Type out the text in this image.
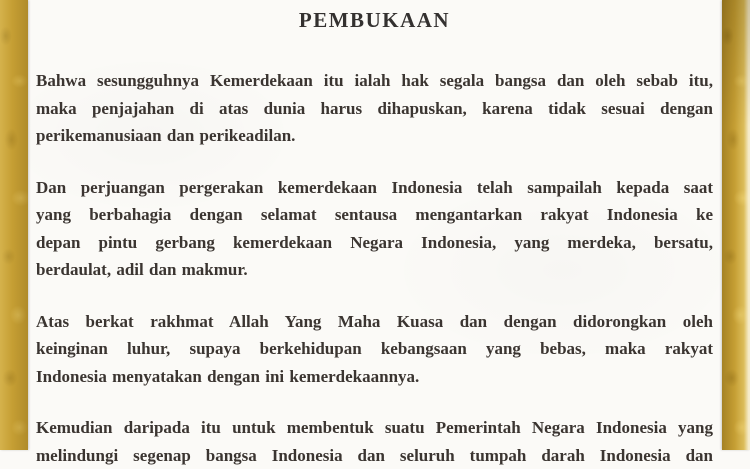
PEMBUKAAN

Bahwa sesungguhnya Kemerdekaan itu ialah hak segala bangsa dan oleh sebab itu,
maka penjajahan di atas dunia harus dihapuskan, karena tidak sesuai dengan
perikemanusiaan dan perikeadilan.

Dan perjuangan pergerakan kemerdekaan Indonesia telah sampailah kepada saat
yang berbahagia dengan selamat sentausa mengantarkan rakyat Indonesia ke
depan pintu gerbang kemerdekaan Negara Indonesia, yang merdeka, bersatu,
berdaulat, adil dan makmur.

Atas berkat rakhmat Allah Yang Maha Kuasa dan dengan didorongkan oleh
keinginan luhur, supaya berkehidupan kebangsaan yang bebas, maka rakyat
Indonesia menyatakan dengan ini kemerdekaannya.

Kemudian daripada itu untuk membentuk suatu Pemerintah Negara Indonesia yang
melindungi segenap bangsa Indonesia dan seluruh tumpah darah Indonesia dan
